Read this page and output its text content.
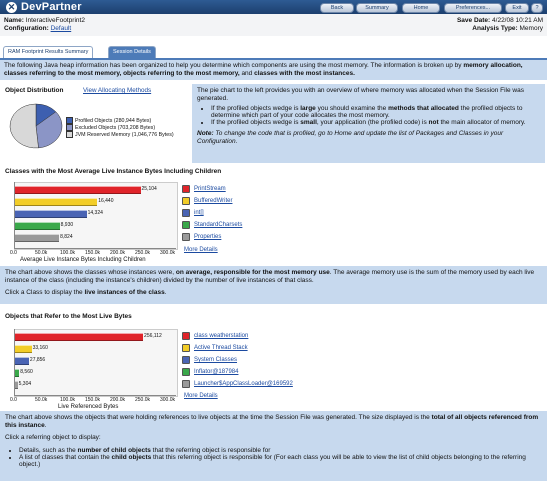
✕ DevPartner	Back	Summary	Home	Preferences...	Exit	?
Name: InteractiveFootprint2
Configuration: Default
Save Date: 4/22/08 10:21 AM
Analysis Type: Memory
RAM Footprint Results Summary	Session Details

The following Java heap information has been organized to help you determine which components are using the most memory. The information is broken up by memory allocation, classes referring to the most memory, objects referring to the most memory, and classes with the most instances.

Object Distribution	View Allocating Methods
Profiled Objects (280,944 Bytes)
Excluded Objects (703,208 Bytes)
JVM Reserved Memory (1,046,776 Bytes)
The pie chart to the left provides you with an overview of where memory was allocated when the Session File was generated.
• If the profiled objects wedge is large you should examine the methods that allocated the profiled objects to determine which part of your code allocates the most memory.
• If the profiled objects wedge is small, your application (the profiled code) is not the main allocator of memory.
Note: To change the code that is profiled, go to Home and update the list of Packages and Classes in your Configuration.
Classes with the Most Average Live Instance Bytes Including Children
25,104	PrintStream
16,440	BufferedWriter
14,324	int[]
8,930	StandardCharsets
8,824	Properties
0.0	50.0k	100.0k 150.0k 200.0k 250.0k 300.0k
Average Live Instance Bytes Including Children
More Details
The chart above shows the classes whose instances were, on average, responsible for the most memory use. The average memory use is the sum of the memory used by each live instance of the class (including the instance's children) divided by the number of live instances of that class.
Click a Class to display the live instances of the class.
Objects that Refer to the Most Live Bytes
256,112	class weatherstation
33,160	Active Thread Stack
27,856	System Classes
8,560	Inflator@187984
5,304	Launcher$AppClassLoader@169592
0.0	50.0k	100.0k 150.0k 200.0k 250.0k 300.0k
Live Referenced Bytes
More Details
The chart above shows the objects that were holding references to live objects at the time the Session File was generated. The size displayed is the total of all objects referenced from this instance.
Click a referring object to display:
• Details, such as the number of child objects that the referring object is responsible for
• A list of classes that contain the child objects that this referring object is responsible for (For each class you will be able to view the list of child objects belonging to the referring object.)
